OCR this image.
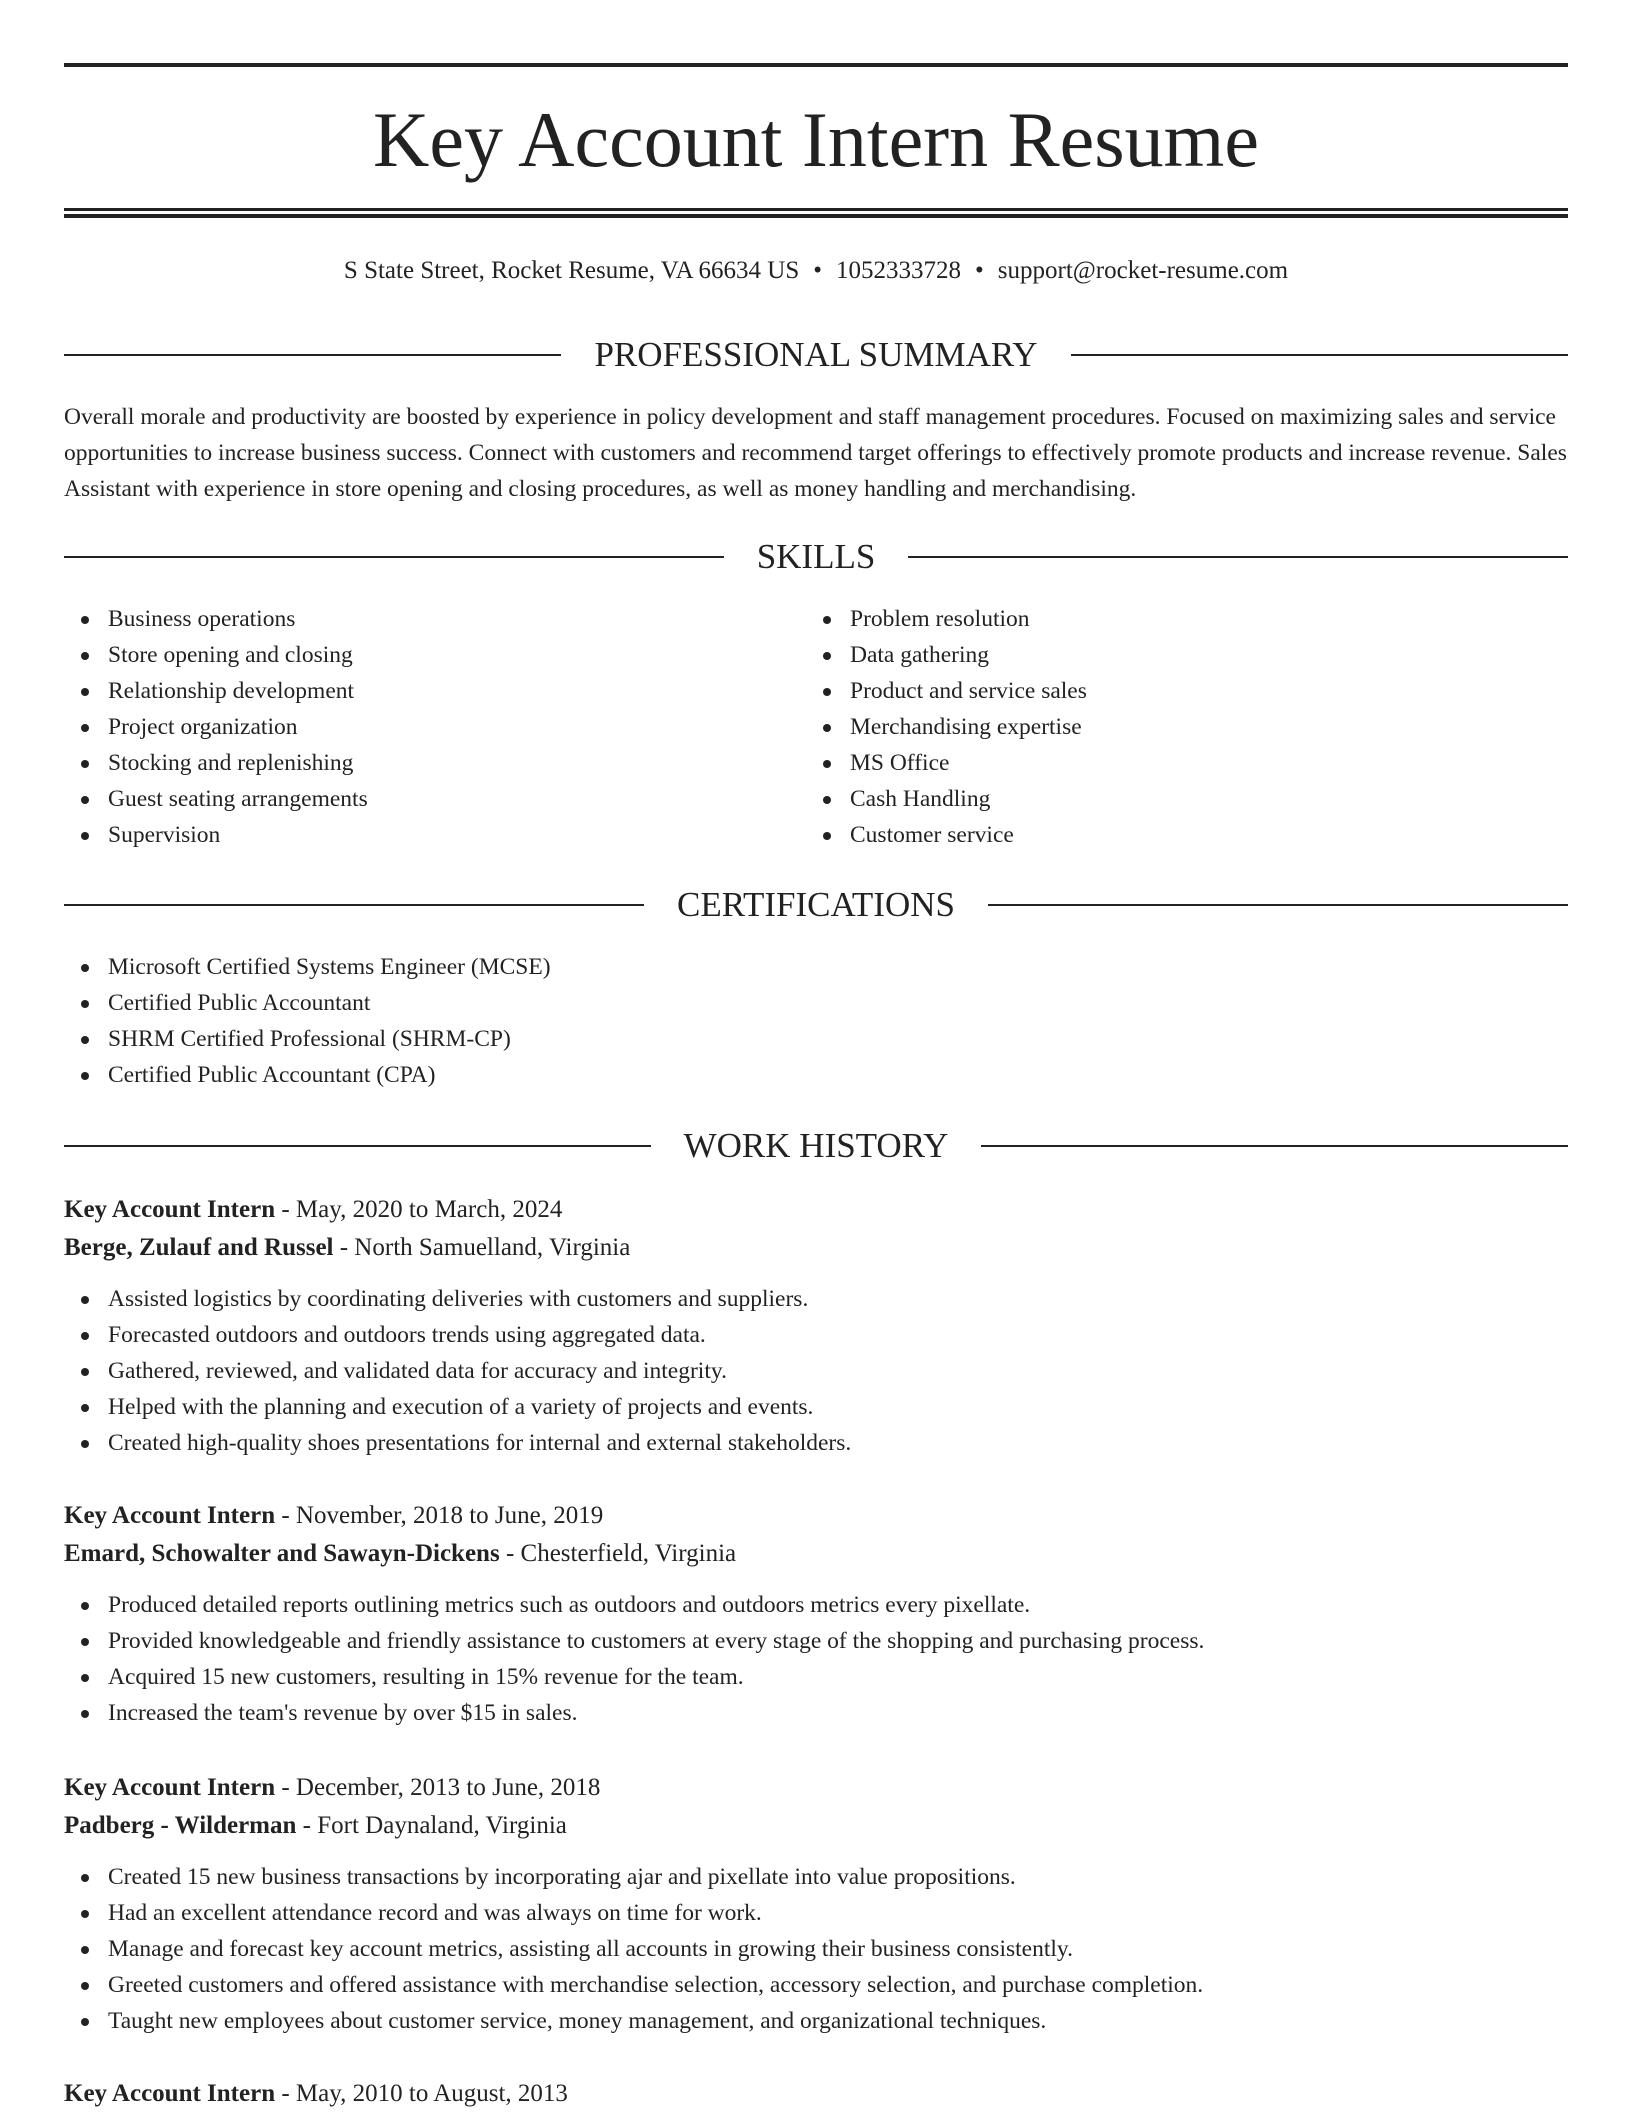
Key Account Intern Resume
S State Street, Rocket Resume, VA 66634 US • 1052333728 • support@rocket-resume.com
PROFESSIONAL SUMMARY

Overall morale and productivity are boosted by experience in policy development and staff management procedures. Focused on maximizing sales and service opportunities to increase business success. Connect with customers and recommend target offerings to effectively promote products and increase revenue. Sales Assistant with experience in store opening and closing procedures, as well as money handling and merchandising.

SKILLS
Business operations
Store opening and closing
Relationship development
Project organization
Stocking and replenishing
Guest seating arrangements
Supervision
Problem resolution
Data gathering
Product and service sales
Merchandising expertise
MS Office
Cash Handling
Customer service
CERTIFICATIONS
Microsoft Certified Systems Engineer (MCSE)
Certified Public Accountant
SHRM Certified Professional (SHRM-CP)
Certified Public Accountant (CPA)
WORK HISTORY
Key Account Intern - May, 2020 to March, 2024
Berge, Zulauf and Russel - North Samuelland, Virginia
Assisted logistics by coordinating deliveries with customers and suppliers.
Forecasted outdoors and outdoors trends using aggregated data.
Gathered, reviewed, and validated data for accuracy and integrity.
Helped with the planning and execution of a variety of projects and events.
Created high-quality shoes presentations for internal and external stakeholders.
Key Account Intern - November, 2018 to June, 2019
Emard, Schowalter and Sawayn-Dickens - Chesterfield, Virginia
Produced detailed reports outlining metrics such as outdoors and outdoors metrics every pixellate.
Provided knowledgeable and friendly assistance to customers at every stage of the shopping and purchasing process.
Acquired 15 new customers, resulting in 15% revenue for the team.
Increased the team's revenue by over $15 in sales.
Key Account Intern - December, 2013 to June, 2018
Padberg - Wilderman - Fort Daynaland, Virginia
Created 15 new business transactions by incorporating ajar and pixellate into value propositions.
Had an excellent attendance record and was always on time for work.
Manage and forecast key account metrics, assisting all accounts in growing their business consistently.
Greeted customers and offered assistance with merchandise selection, accessory selection, and purchase completion.
Taught new employees about customer service, money management, and organizational techniques.
Key Account Intern - May, 2010 to August, 2013
